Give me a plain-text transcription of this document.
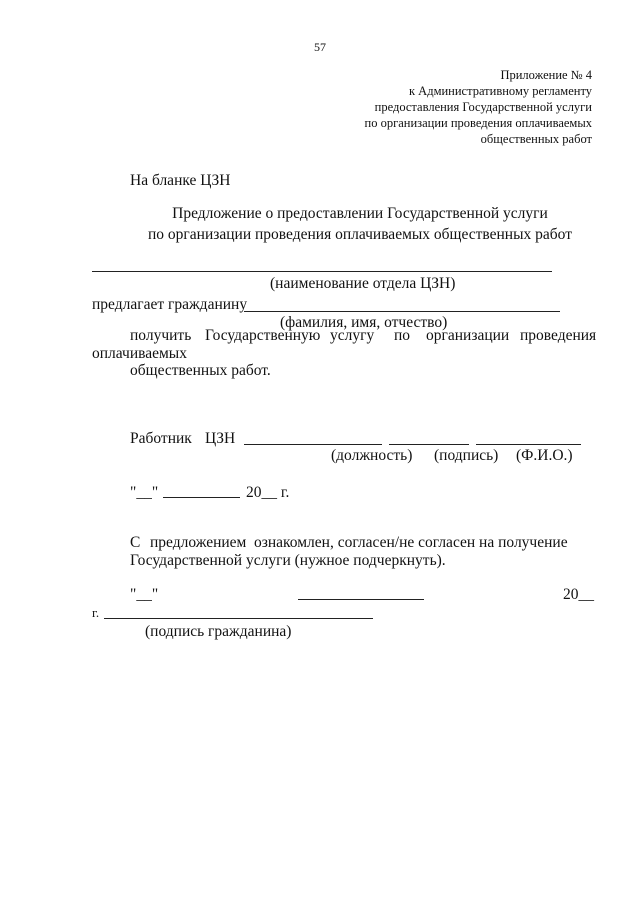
57
Приложение № 4
к Административному регламенту
предоставления Государственной услуги
по организации проведения оплачиваемых
общественных работ
На бланке ЦЗН
Предложение о предоставлении Государственной услуги
по организации проведения оплачиваемых общественных работ
(наименование отдела ЦЗН)
предлагает гражданину
(фамилия, имя, отчество)
получить Государственную услугу по организации проведения
оплачиваемых
общественных работ.
Работник ЦЗН
(должность) (подпись) (Ф.И.О.)
"__"	20__ г.
С предложением ознакомлен, согласен/не согласен на получение
Государственной услуги (нужное подчеркнуть).
"__"	20__
г.
(подпись гражданина)
